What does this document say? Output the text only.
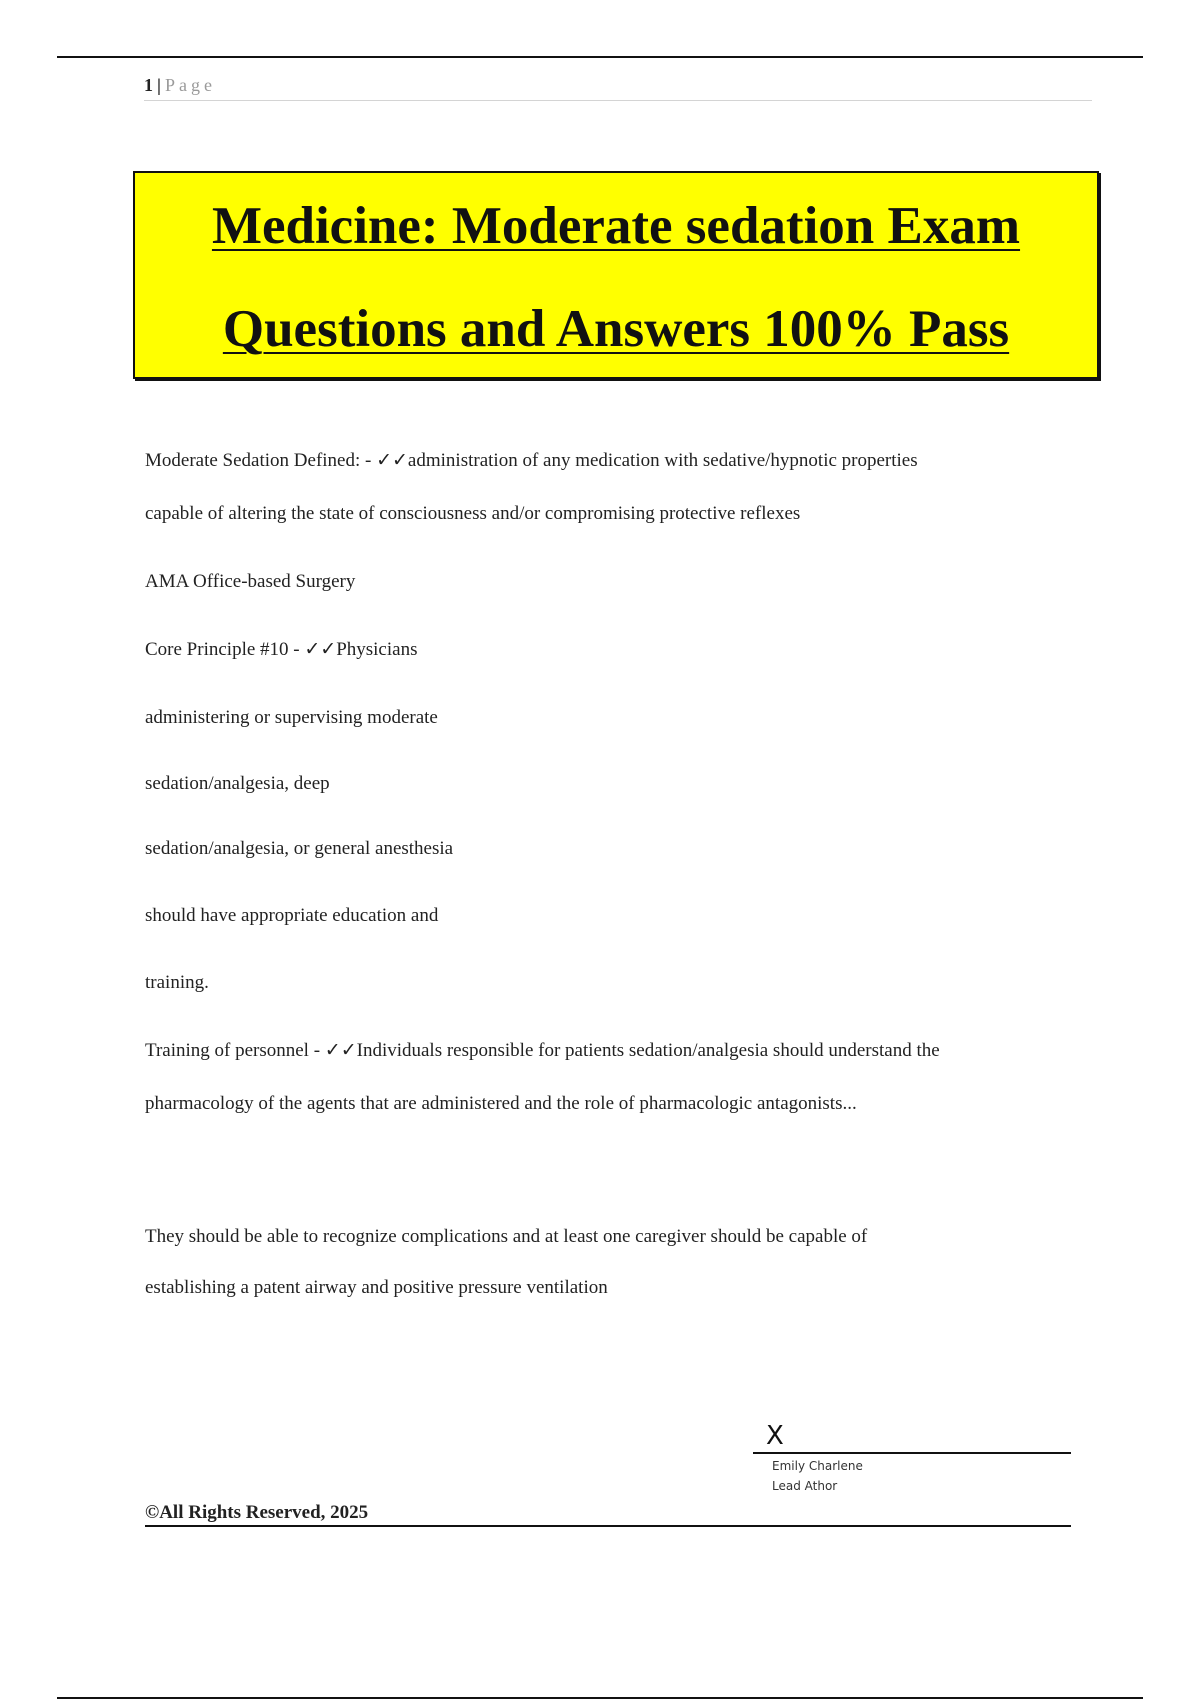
1 | Page
Medicine: Moderate sedation Exam
Questions and Answers 100% Pass
Moderate Sedation Defined: - ✓✓administration of any medication with sedative/hypnotic properties
capable of altering the state of consciousness and/or compromising protective reflexes
AMA Office-based Surgery
Core Principle #10 - ✓✓Physicians
administering or supervising moderate
sedation/analgesia, deep
sedation/analgesia, or general anesthesia
should have appropriate education and
training.
Training of personnel - ✓✓Individuals responsible for patients sedation/analgesia should understand the
pharmacology of the agents that are administered and the role of pharmacologic antagonists...
They should be able to recognize complications and at least one caregiver should be capable of
establishing a patent airway and positive pressure ventilation
X
Emily Charlene
Lead Athor
©All Rights Reserved, 2025
